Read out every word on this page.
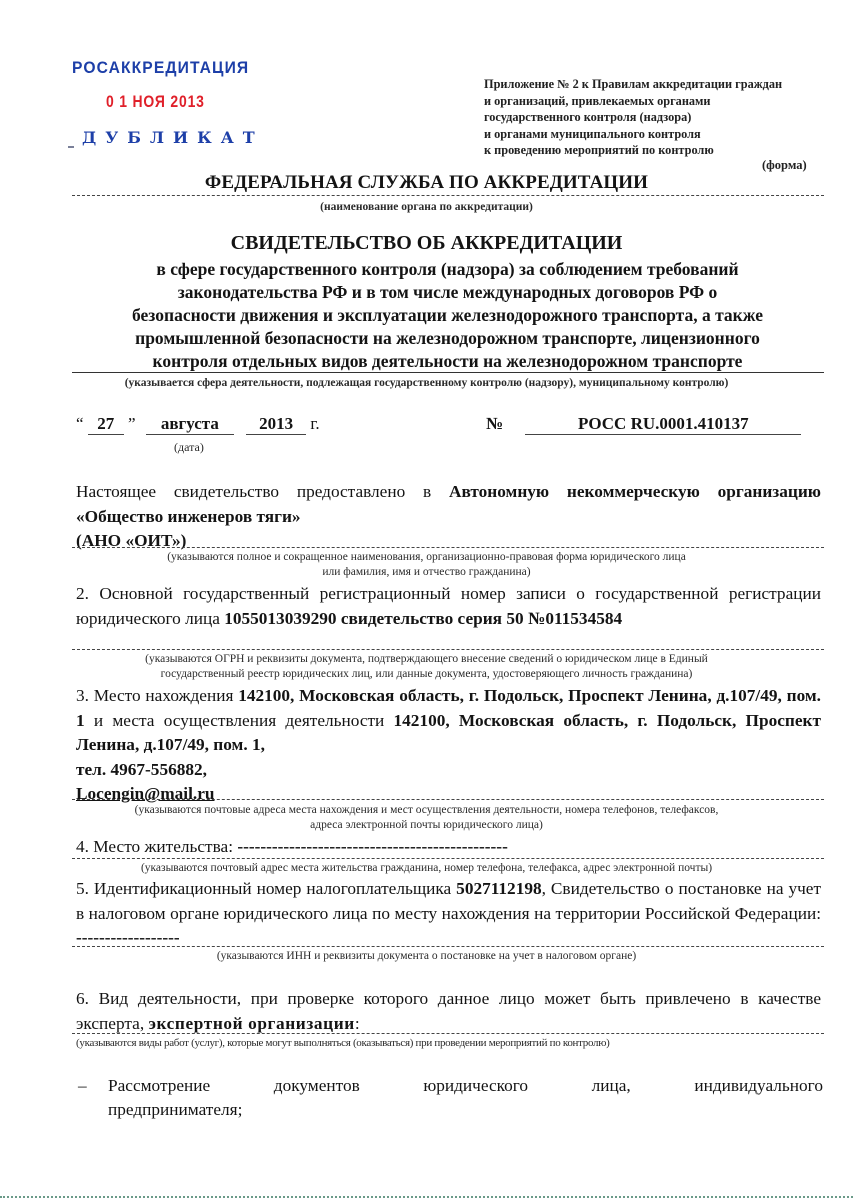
РОСАККРЕДИТАЦИЯ
0 1 НОЯ 2013
ДУБЛИКАТ
Приложение № 2 к Правилам аккредитации граждан
и организаций, привлекаемых органами
государственного контроля (надзора)
и органами муниципального контроля
к проведению мероприятий по контролю
(форма)
ФЕДЕРАЛЬНАЯ СЛУЖБА ПО АККРЕДИТАЦИИ
(наименование органа по аккредитации)
СВИДЕТЕЛЬСТВО ОБ АККРЕДИТАЦИИ
в сфере государственного контроля (надзора) за соблюдением требований
законодательства РФ и в том числе международных договоров РФ о
безопасности движения и эксплуатации железнодорожного транспорта, а также
промышленной безопасности на железнодорожном транспорте, лицензионного
контроля отдельных видов деятельности на железнодорожном транспорте
(указывается сфера деятельности, подлежащая государственному контролю (надзору), муниципальному контролю)
“ 27 ” августа 2013 г.
(дата)
№	РОСС RU.0001.410137
Настоящее свидетельство предоставлено в Автономную некоммерческую организацию «Общество инженеров тяги»
(АНО «ОИТ»)
(указываются полное и сокращенное наименования, организационно-правовая форма юридического лица
или фамилия, имя и отчество гражданина)
2. Основной государственный регистрационный номер записи о государственной регистрации юридического лица 1055013039290 свидетельство серия 50 №011534584
(указываются ОГРН и реквизиты документа, подтверждающего внесение сведений о юридическом лице в Единый
государственный реестр юридических лиц, или данные документа, удостоверяющего личность гражданина)
3. Место нахождения 142100, Московская область, г. Подольск, Проспект Ленина, д.107/49, пом. 1 и места осуществления деятельности 142100, Московская область, г. Подольск, Проспект Ленина, д.107/49, пом. 1,
тел. 4967-556882,
Locengin@mail.ru
(указываются почтовые адреса места нахождения и мест осуществления деятельности, номера телефонов, телефаксов,
адреса электронной почты юридического лица)
4. Место жительства: -----------------------------------------------
(указываются почтовый адрес места жительства гражданина, номер телефона, телефакса, адрес электронной почты)
5. Идентификационный номер налогоплательщика 5027112198, Свидетельство о постановке на учет в налоговом органе юридического лица по месту нахождения на территории Российской Федерации: ------------------
(указываются ИНН и реквизиты документа о постановке на учет в налоговом органе)
6. Вид деятельности, при проверке которого данное лицо может быть привлечено в качестве эксперта, экспертной организации:
(указываются виды работ (услуг), которые могут выполняться (оказываться) при проведении мероприятий по контролю)
– Рассмотрение документов юридического лица, индивидуального
предпринимателя;
